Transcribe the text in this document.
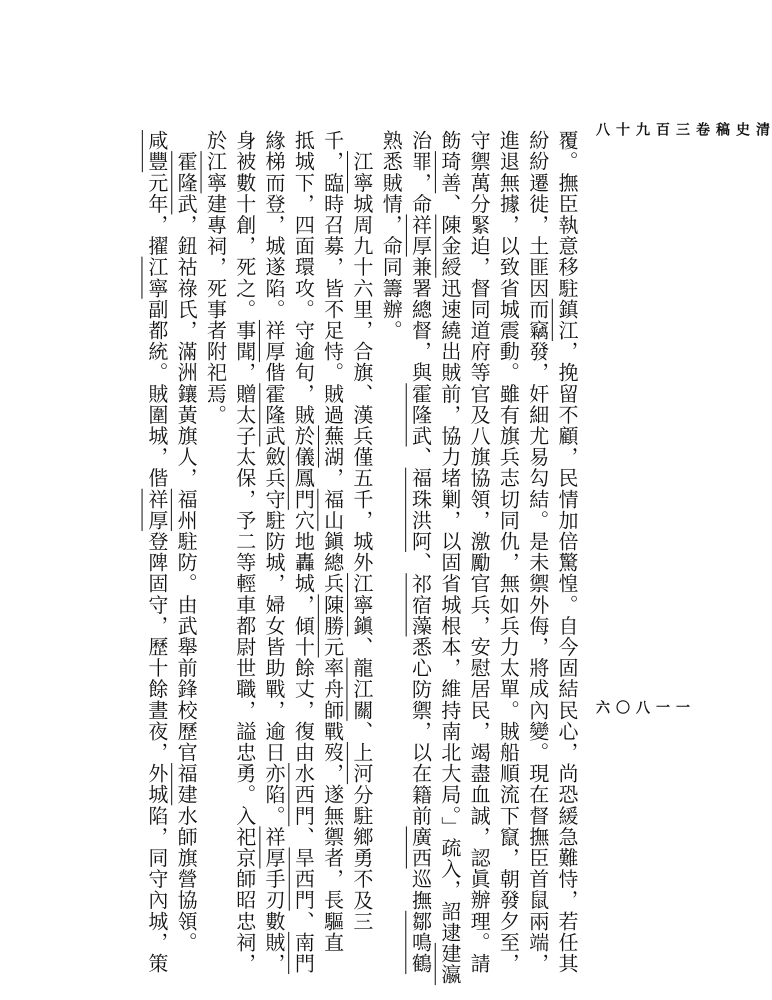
清史稿卷三百九十八
一一八〇六
覆。撫臣執意移駐鎮江，挽留不顧，民情加倍驚惶。自今固結民心，尚恐緩急難恃，若任其
紛紛遷徙，土匪因而竊發，奸細尤易勾結。是未禦外侮，將成內變。現在督撫臣首鼠兩端，
進退無據，以致省城震動。雖有旗兵志切同仇，無如兵力太單。賊船順流下竄，朝發夕至，
守禦萬分緊迫，督同道府等官及八旗協領，激勵官兵，安慰居民，竭盡血誠，認眞辦理。請
飭琦善、陳金綬迅速繞出賊前，協力堵剿，以固省城根本，維持南北大局。」疏入，詔逮建瀛
治罪，命祥厚兼署總督，與霍隆武、福珠洪阿、祁宿藻悉心防禦，以在籍前廣西巡撫鄒鳴鶴
熟悉賊情，命同籌辦。
　江寧城周九十六里，合旗、漢兵僅五千，城外江寧鎭、龍江關、上河分駐鄉勇不及三
千，臨時召募，皆不足恃。賊過蕪湖，福山鎭總兵陳勝元率舟師戰歿，遂無禦者，長驅直
抵城下，四面環攻。守逾旬，賊於儀鳳門穴地轟城，傾十餘丈，復由水西門、旱西門、南門
緣梯而登，城遂陷。祥厚偕霍隆武斂兵守駐防城，婦女皆助戰，逾日亦陷。祥厚手刃數賊，
身被數十創，死之。事聞，贈太子太保，予二等輕車都尉世職，謚忠勇。入祀京師昭忠祠，
於江寧建專祠，死事者附祀焉。
　霍隆武，鈕祜祿氏，滿洲鑲黃旗人，福州駐防。由武舉前鋒校歷官福建水師旗營協領。
咸豐元年，擢江寧副都統。賊圍城，偕祥厚登陴固守，歷十餘晝夜，外城陷，同守內城，策
